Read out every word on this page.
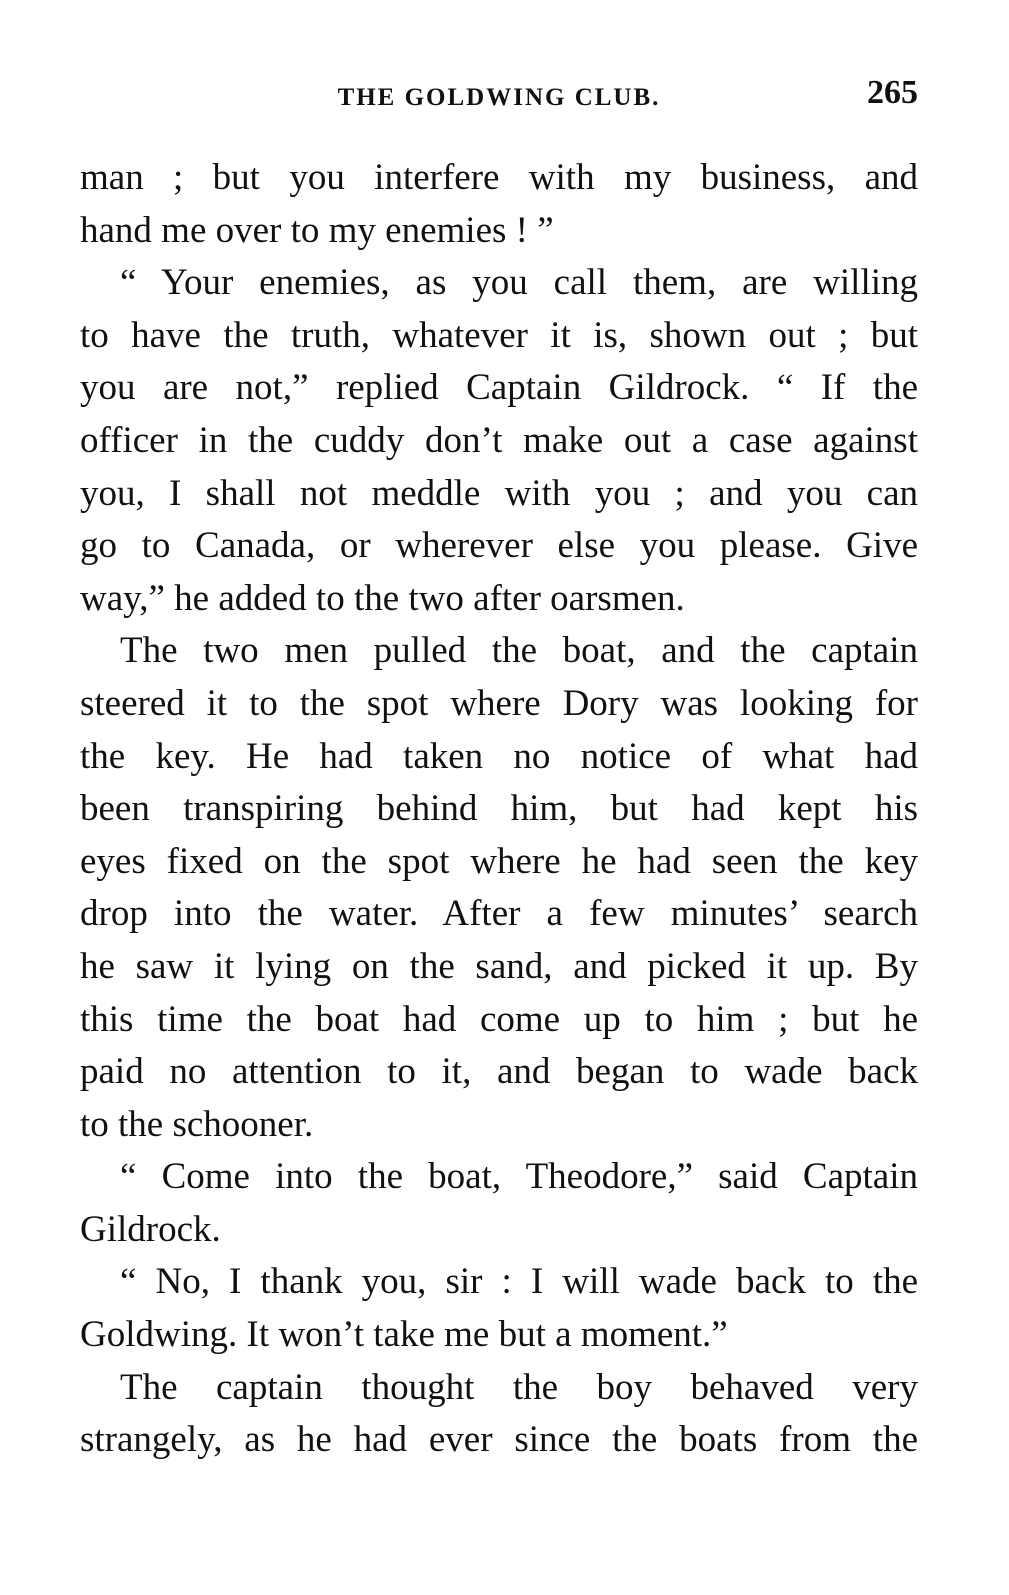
THE GOLDWING CLUB.	265
man ; but you interfere with my business, and
hand me over to my enemies ! ”
“ Your enemies, as you call them, are willing
to have the truth, whatever it is, shown out ; but
you are not,” replied Captain Gildrock. “ If the
officer in the cuddy don’t make out a case against
you, I shall not meddle with you ; and you can
go to Canada, or wherever else you please. Give
way,” he added to the two after oarsmen.
The two men pulled the boat, and the captain
steered it to the spot where Dory was looking for
the key. He had taken no notice of what had
been transpiring behind him, but had kept his
eyes fixed on the spot where he had seen the key
drop into the water. After a few minutes’ search
he saw it lying on the sand, and picked it up. By
this time the boat had come up to him ; but he
paid no attention to it, and began to wade back
to the schooner.
“ Come into the boat, Theodore,” said Captain
Gildrock.
“ No, I thank you, sir : I will wade back to the
Goldwing. It won’t take me but a moment.”
The captain thought the boy behaved very
strangely, as he had ever since the boats from the
